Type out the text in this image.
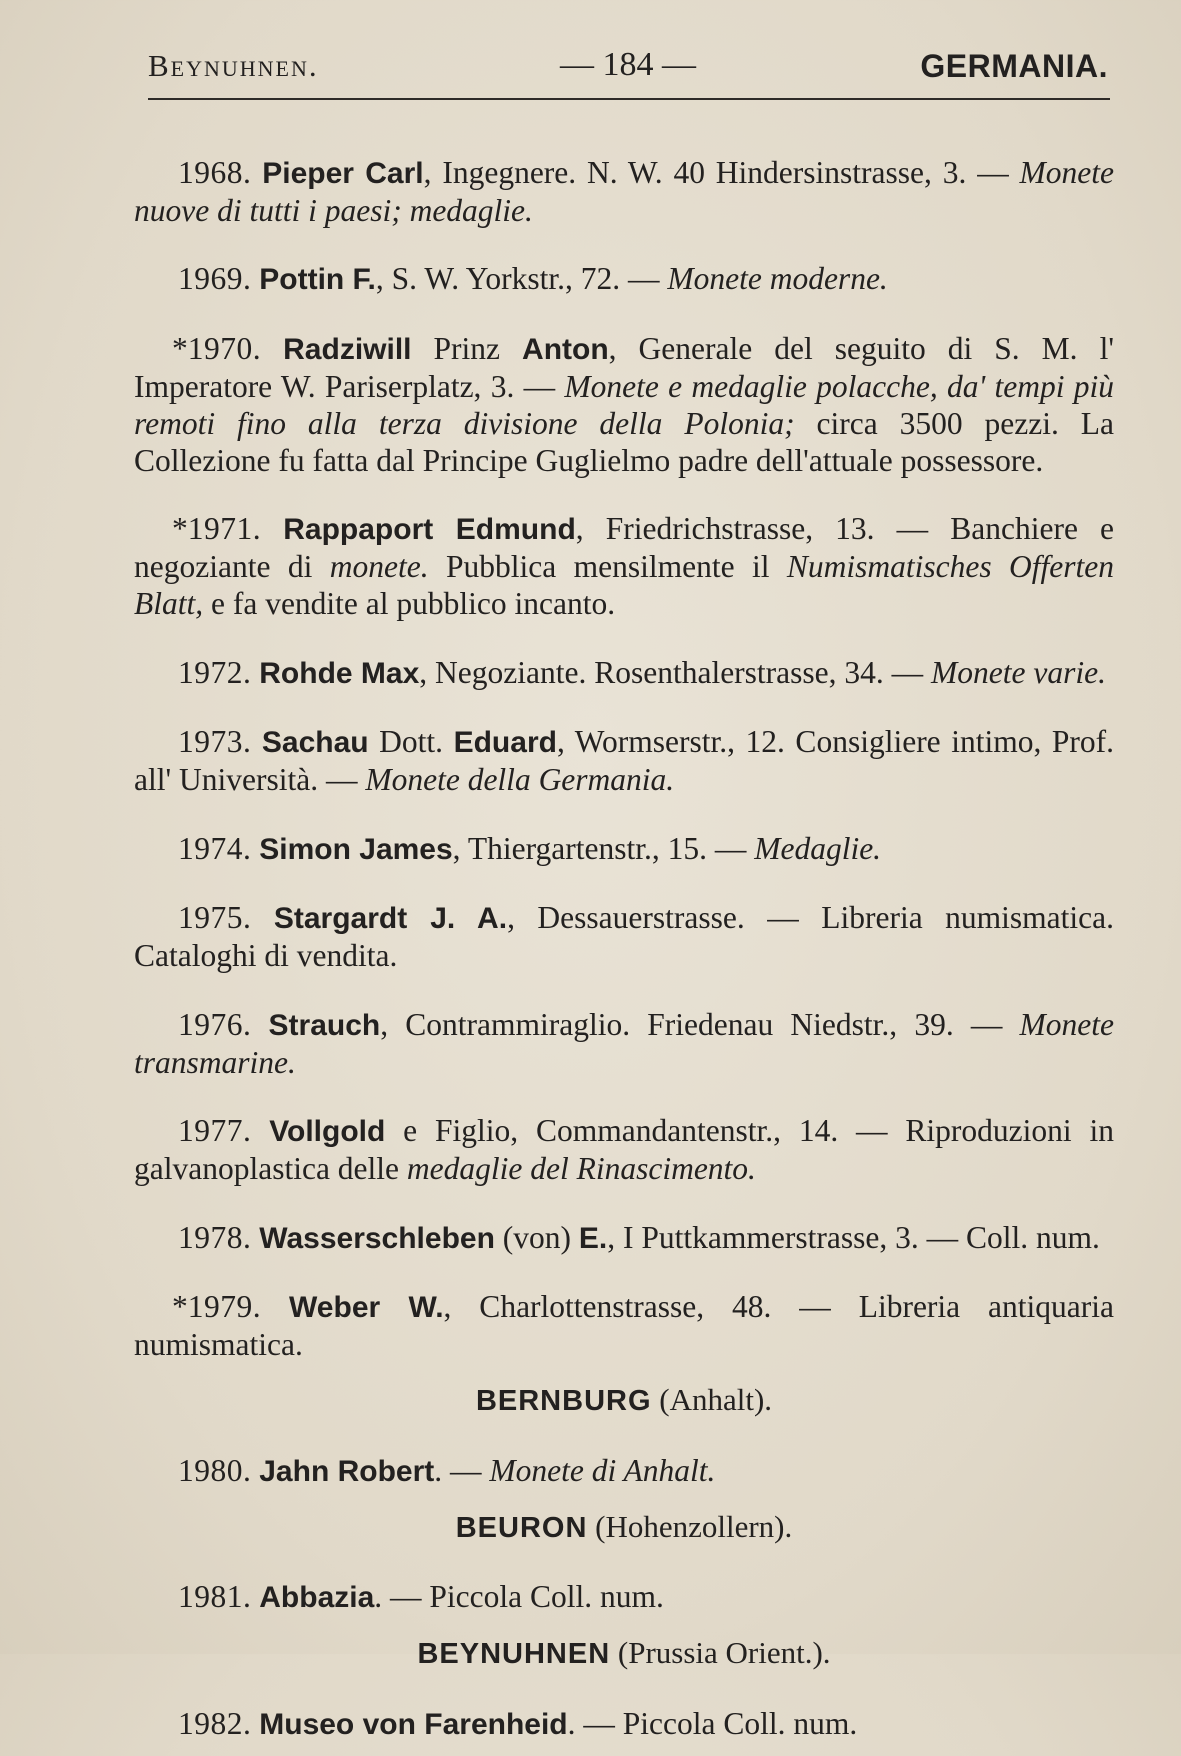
Beynuhnen.	— 184 —	GERMANIA.

1968. Pieper Carl, Ingegnere. N. W. 40 Hindersinstrasse, 3. — Monete nuove di tutti i paesi; medaglie.

1969. Pottin F., S. W. Yorkstr., 72. — Monete moderne.

*1970. Radziwill Prinz Anton, Generale del seguito di S. M. l' Imperatore W. Pariserplatz, 3. — Monete e medaglie polacche, da' tempi più remoti fino alla terza divisione della Polonia; circa 3500 pezzi. La Collezione fu fatta dal Principe Guglielmo padre dell'attuale possessore.

*1971. Rappaport Edmund, Friedrichstrasse, 13. — Banchiere e negoziante di monete. Pubblica mensilmente il Numismatisches Offerten Blatt, e fa vendite al pubblico incanto.

1972. Rohde Max, Negoziante. Rosenthalerstrasse, 34. — Monete varie.

1973. Sachau Dott. Eduard, Wormserstr., 12. Consigliere intimo, Prof. all' Università. — Monete della Germania.

1974. Simon James, Thiergartenstr., 15. — Medaglie.

1975. Stargardt J. A., Dessauerstrasse. — Libreria numismatica. Cataloghi di vendita.

1976. Strauch, Contrammiraglio. Friedenau Niedstr., 39. — Monete transmarine.

1977. Vollgold e Figlio, Commandantenstr., 14. — Riproduzioni in galvanoplastica delle medaglie del Rinascimento.

1978. Wasserschleben (von) E., I Puttkammerstrasse, 3. — Coll. num.

*1979. Weber W., Charlottenstrasse, 48. — Libreria antiquaria numismatica.

BERNBURG (Anhalt).

1980. Jahn Robert. — Monete di Anhalt.

BEURON (Hohenzollern).

1981. Abbazia. — Piccola Coll. num.

BEYNUHNEN (Prussia Orient.).

1982. Museo von Farenheid. — Piccola Coll. num.
